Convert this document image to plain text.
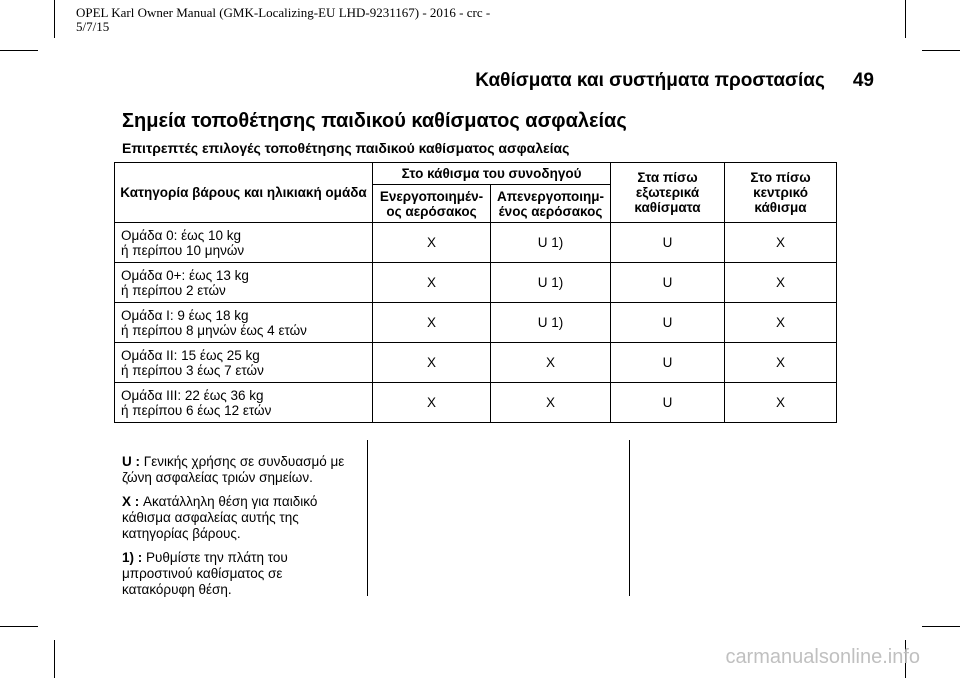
OPEL Karl Owner Manual (GMK-Localizing-EU LHD-9231167) - 2016 - crc -
5/7/15
Καθίσματα και συστήματα προστασίας 49
Σημεία τοποθέτησης παιδικού καθίσματος ασφαλείας
Επιτρεπτές επιλογές τοποθέτησης παιδικού καθίσματος ασφαλείας
Κατηγορία βάρους και ηλικιακή ομάδα	Στο κάθισμα του συνοδηγού		Στα πίσω εξωτερικά καθίσματα	Στο πίσω κεντρικό κάθισμα
	Ενεργοποιημέν-ος αερόσακος	Απενεργοποιημ-ένος αερόσακος		

Ομάδα 0: έως 10 kg
ή περίπου 10 μηνών	X	U 1)	U	X

Ομάδα 0+: έως 13 kg
ή περίπου 2 ετών	X	U 1)	U	X

Ομάδα I: 9 έως 18 kg
ή περίπου 8 μηνών έως 4 ετών	X	U 1)	U	X

Ομάδα II: 15 έως 25 kg
ή περίπου 3 έως 7 ετών	X	X	U	X

Ομάδα III: 22 έως 36 kg
ή περίπου 6 έως 12 ετών	X	X	U	X

U : Γενικής χρήσης σε συνδυασμό με ζώνη ασφαλείας τριών σημείων.

X : Ακατάλληλη θέση για παιδικό κάθισμα ασφαλείας αυτής της κατηγορίας βάρους.

1) : Ρυθμίστε την πλάτη του μπροστινού καθίσματος σε κατακόρυφη θέση.

carmanualsonline.info
